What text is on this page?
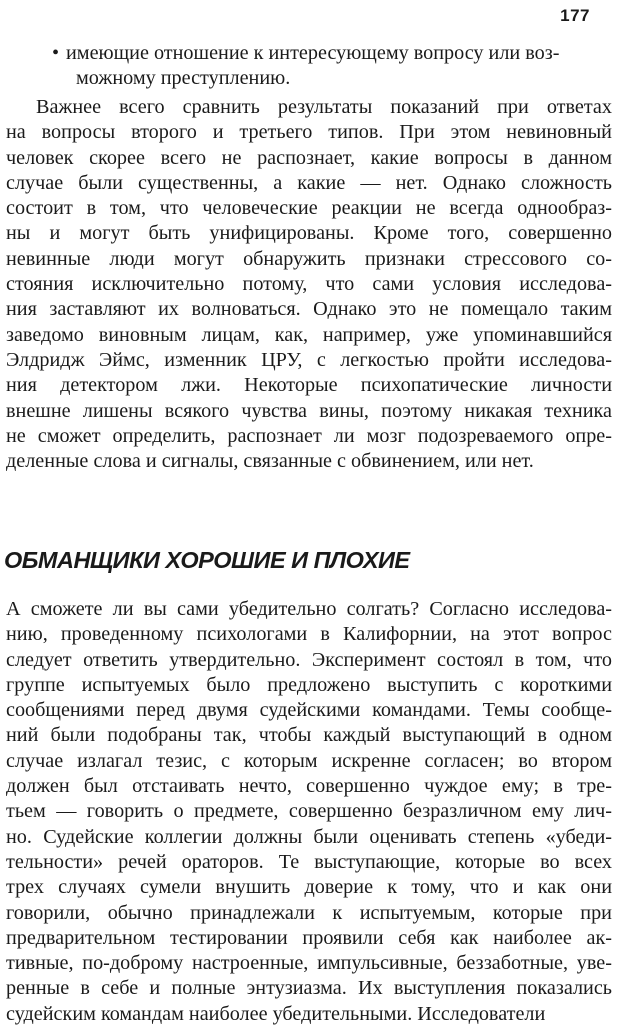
177
• имеющие отношение к интересующему вопросу или воз-
можному преступлению.
Важнее всего сравнить результаты показаний при ответах
на вопросы второго и третьего типов. При этом невиновный
человек скорее всего не распознает, какие вопросы в данном
случае были существенны, а какие — нет. Однако сложность
состоит в том, что человеческие реакции не всегда однообраз-
ны и могут быть унифицированы. Кроме того, совершенно
невинные люди могут обнаружить признаки стрессового со-
стояния исключительно потому, что сами условия исследова-
ния заставляют их волноваться. Однако это не помещало таким
заведомо виновным лицам, как, например, уже упоминавшийся
Элдридж Эймс, изменник ЦРУ, с легкостью пройти исследова-
ния детектором лжи. Некоторые психопатические личности
внешне лишены всякого чувства вины, поэтому никакая техника
не сможет определить, распознает ли мозг подозреваемого опре-
деленные слова и сигналы, связанные с обвинением, или нет.
ОБМАНЩИКИ ХОРОШИЕ И ПЛОХИЕ
А сможете ли вы сами убедительно солгать? Согласно исследова-
нию, проведенному психологами в Калифорнии, на этот вопрос
следует ответить утвердительно. Эксперимент состоял в том, что
группе испытуемых было предложено выступить с короткими
сообщениями перед двумя судейскими командами. Темы сообще-
ний были подобраны так, чтобы каждый выступающий в одном
случае излагал тезис, с которым искренне согласен; во втором
должен был отстаивать нечто, совершенно чуждое ему; в тре-
тьем — говорить о предмете, совершенно безразличном ему лич-
но. Судейские коллегии должны были оценивать степень «убеди-
тельности» речей ораторов. Те выступающие, которые во всех
трех случаях сумели внушить доверие к тому, что и как они
говорили, обычно принадлежали к испытуемым, которые при
предварительном тестировании проявили себя как наиболее ак-
тивные, по-доброму настроенные, импульсивные, беззаботные, уве-
ренные в себе и полные энтузиазма. Их выступления показались
судейским командам наиболее убедительными. Исследователи
